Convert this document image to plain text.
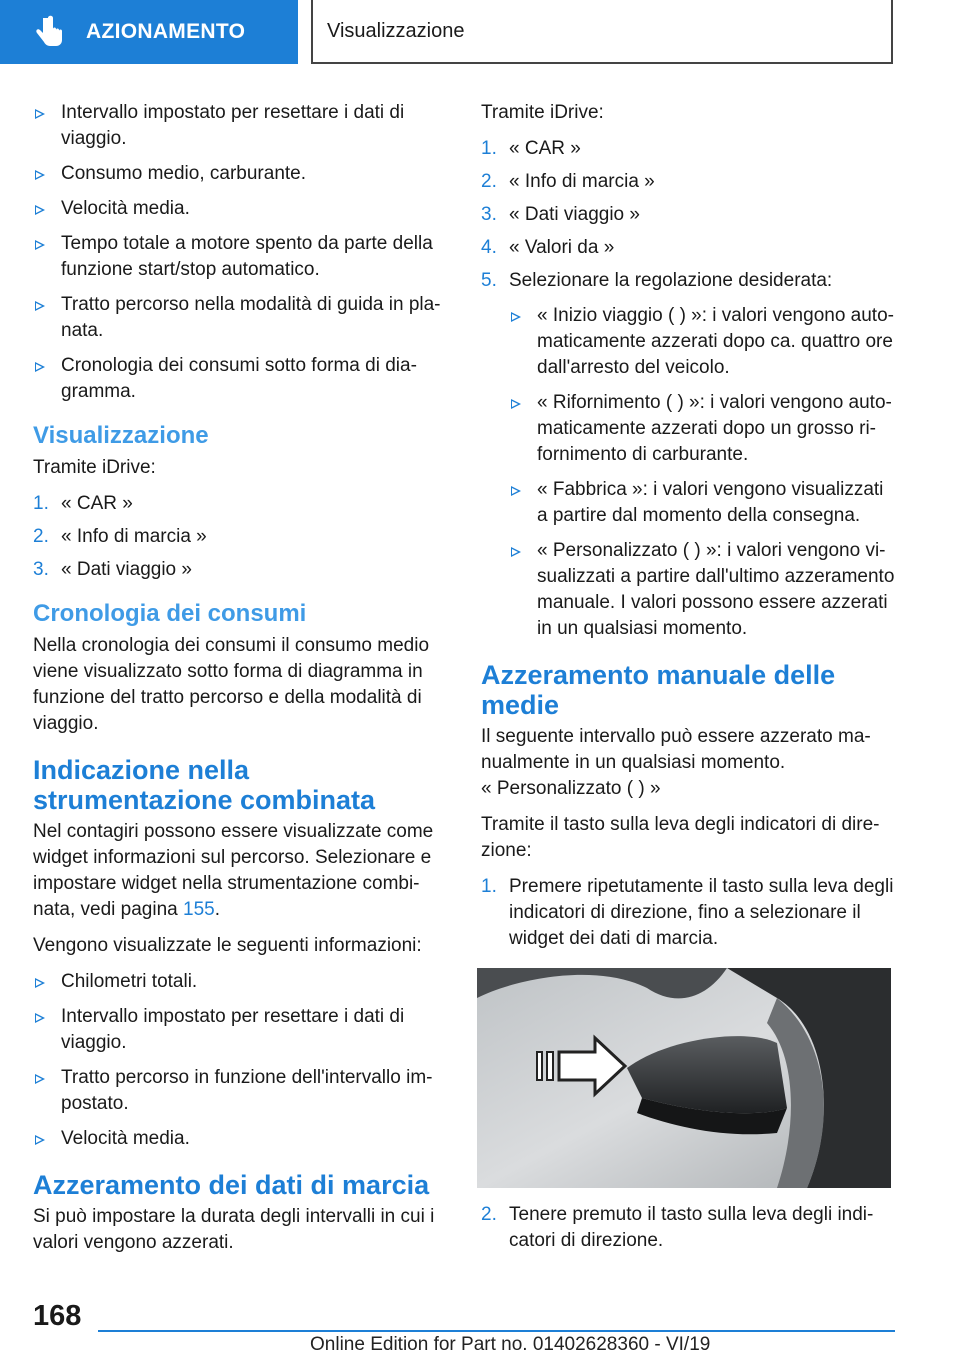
AZIONAMENTO	Visualizzazione
Intervallo impostato per resettare i dati di viaggio.
Consumo medio, carburante.
Velocità media.
Tempo totale a motore spento da parte della funzione start/stop automatico.
Tratto percorso nella modalità di guida in pla-nata.
Cronologia dei consumi sotto forma di dia-gramma.
Visualizzazione

Tramite iDrive:

1. « CAR »
2. « Info di marcia »
3. « Dati viaggio »
Cronologia dei consumi

Nella cronologia dei consumi il consumo medio viene visualizzato sotto forma di diagramma in funzione del tratto percorso e della modalità di viaggio.

Indicazione nella strumentazione combinata

Nel contagiri possono essere visualizzate come widget informazioni sul percorso. Selezionare e impostare widget nella strumentazione combi-nata, vedi pagina 155.

Vengono visualizzate le seguenti informazioni:

Chilometri totali.
Intervallo impostato per resettare i dati di viaggio.
Tratto percorso in funzione dell'intervallo im-postato.
Velocità media.
Azzeramento dei dati di marcia

Si può impostare la durata degli intervalli in cui i valori vengono azzerati.

Tramite iDrive:

1. « CAR »
2. « Info di marcia »
3. « Dati viaggio »
4. « Valori da »
5. Selezionare la regolazione desiderata:
« Inizio viaggio ( ) »: i valori vengono auto-maticamente azzerati dopo ca. quattro ore dall'arresto del veicolo.
« Rifornimento ( ) »: i valori vengono auto-maticamente azzerati dopo un grosso ri-fornimento di carburante.
« Fabbrica »: i valori vengono visualizzati a partire dal momento della consegna.
« Personalizzato ( ) »: i valori vengono vi-sualizzati a partire dall'ultimo azzeramento manuale. I valori possono essere azzerati in un qualsiasi momento.
Azzeramento manuale delle medie

Il seguente intervallo può essere azzerato ma-nualmente in un qualsiasi momento.

« Personalizzato ( ) »

Tramite il tasto sulla leva degli indicatori di dire-zione:

1. Premere ripetutamente il tasto sulla leva degli indicatori di direzione, fino a selezionare il widget dei dati di marcia.
2. Tenere premuto il tasto sulla leva degli indi-catori di direzione.
168
Online Edition for Part no. 01402628360 - VI/19
